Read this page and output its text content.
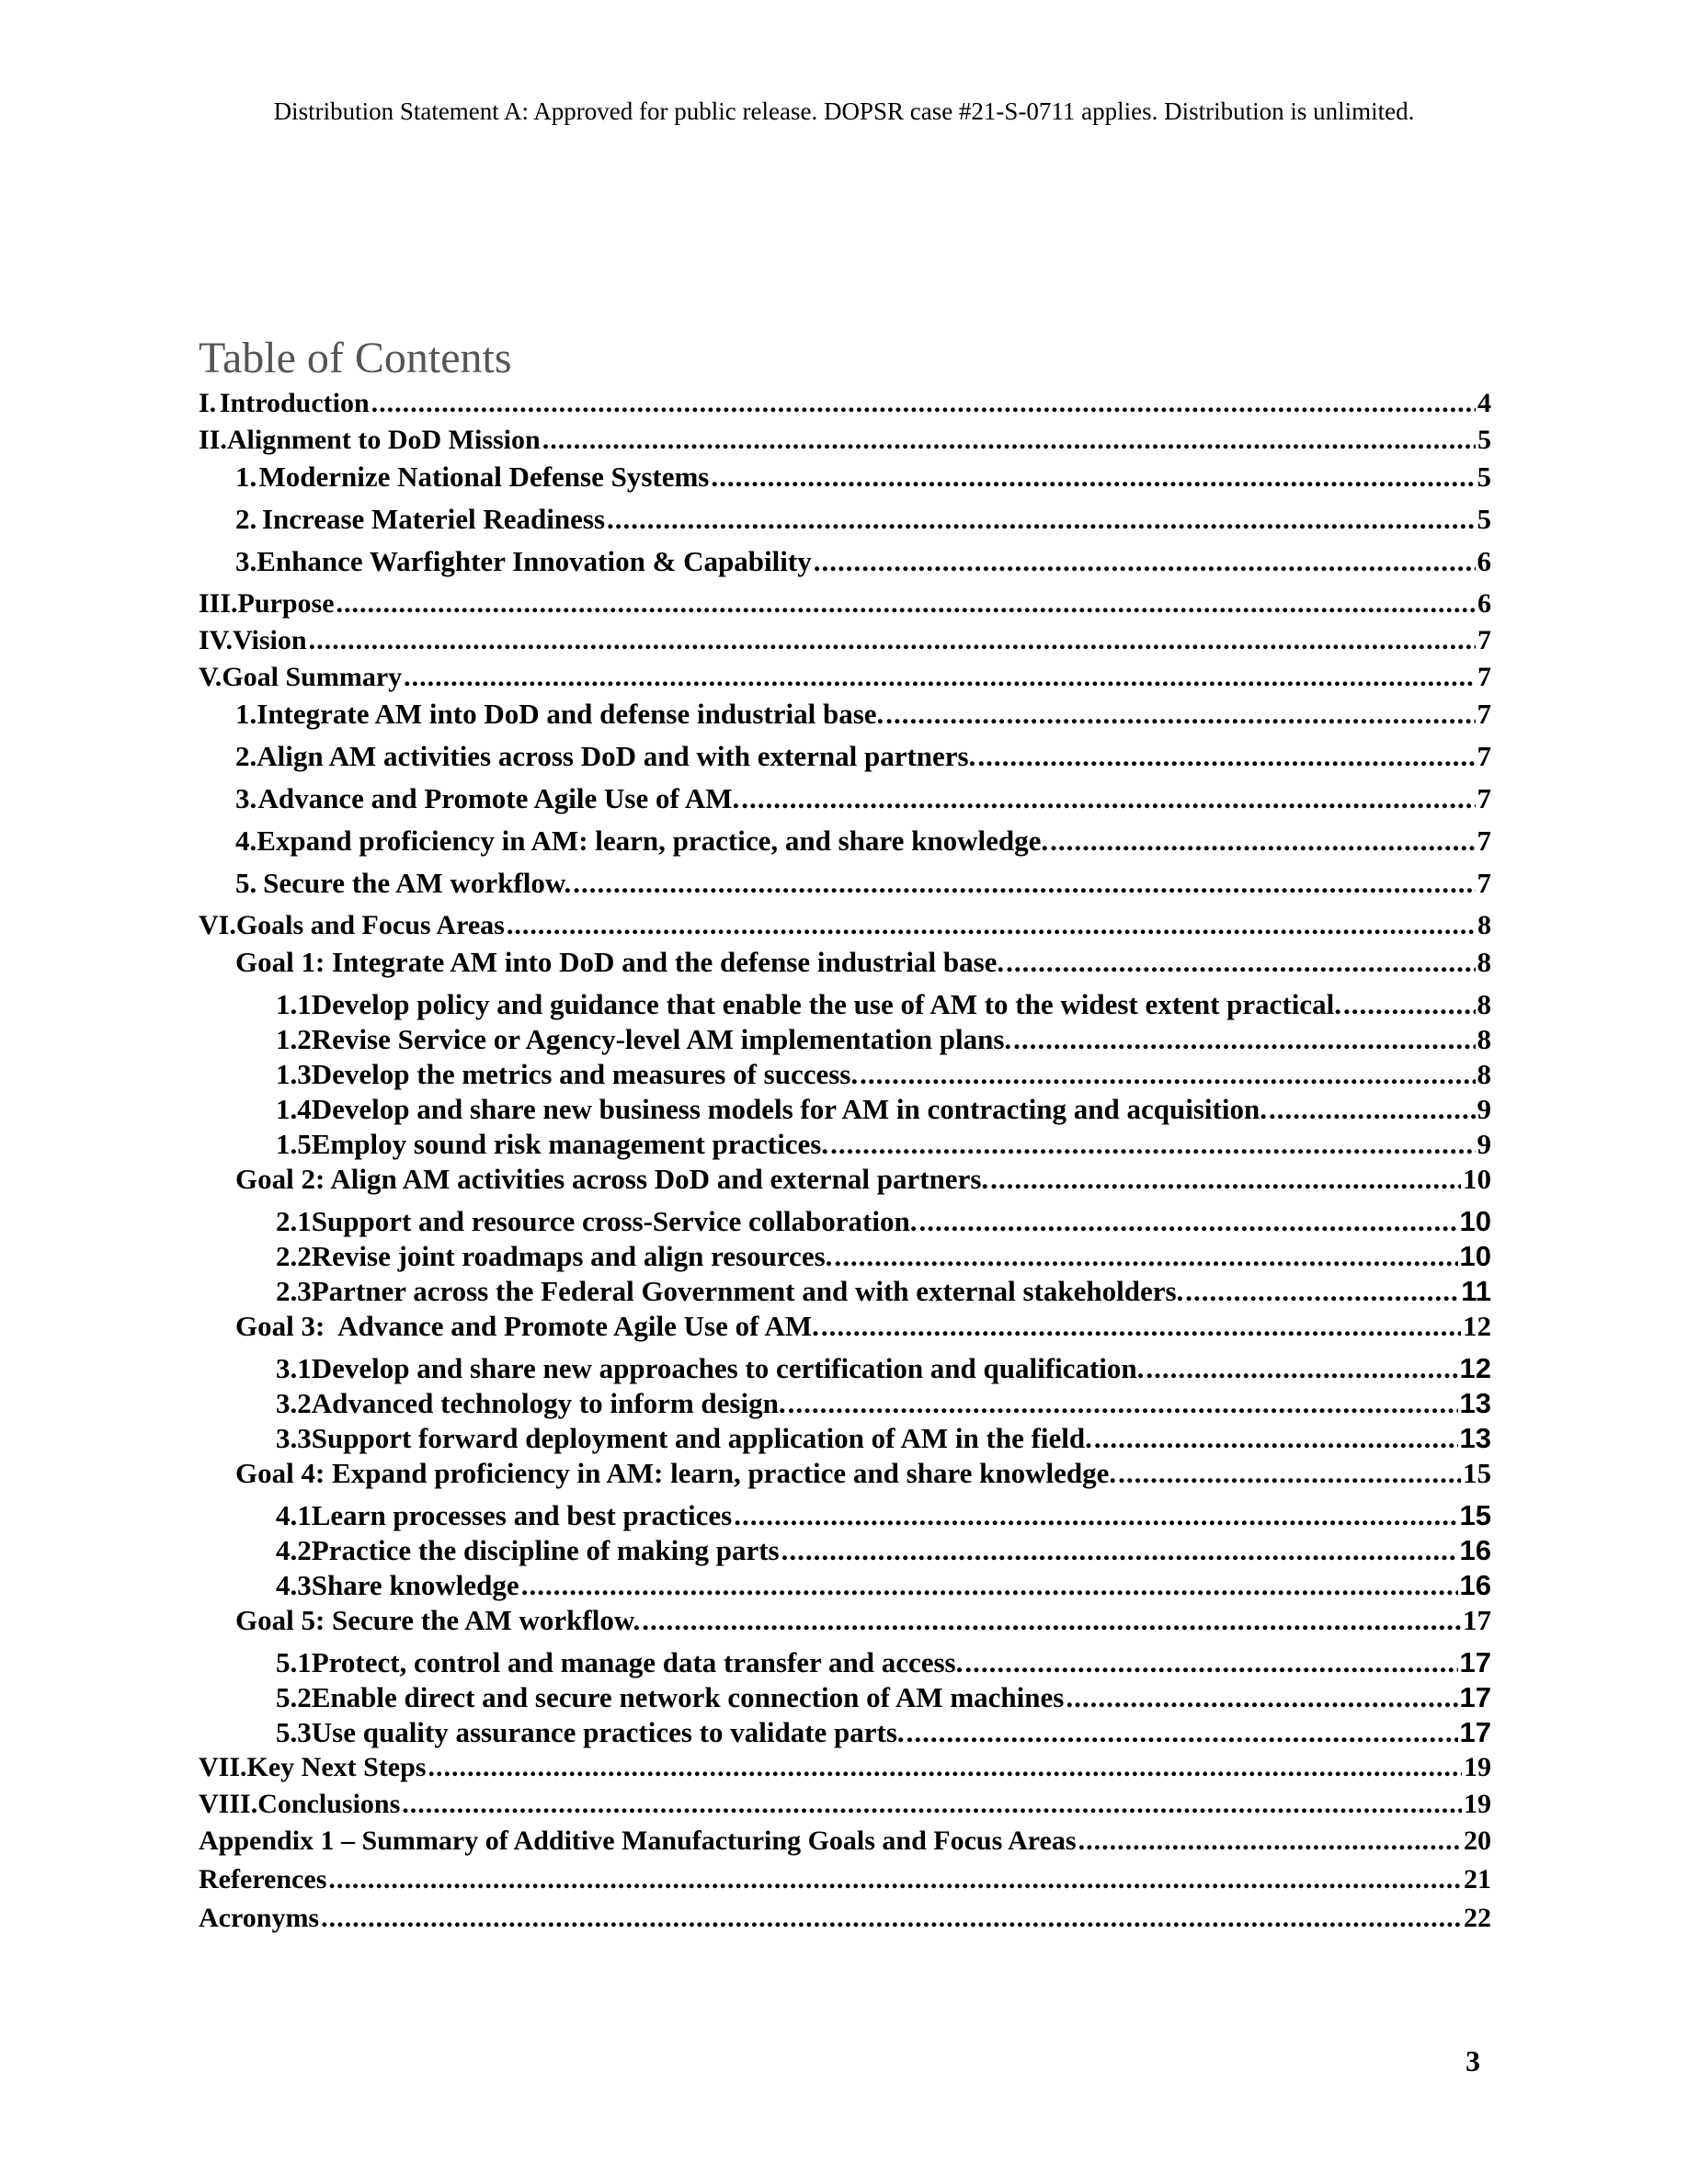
Distribution Statement A: Approved for public release. DOPSR case #21-S-0711 applies. Distribution is unlimited.
Table of Contents
I. Introduction .....	4
II. Alignment to DoD Mission .....	5
1. Modernize National Defense Systems .....	5
2. Increase Materiel Readiness .....	5
3. Enhance Warfighter Innovation & Capability .....	6
III. Purpose .....	6
IV. Vision .....	7
V. Goal Summary .....	7
1. Integrate AM into DoD and defense industrial base. .....	7
2. Align AM activities across DoD and with external partners. .....	7
3. Advance and Promote Agile Use of AM. .....	7
4. Expand proficiency in AM: learn, practice, and share knowledge. .....	7
5. Secure the AM workflow. .....	7
VI. Goals and Focus Areas .....	8
Goal 1: Integrate AM into DoD and the defense industrial base. .....	8
1.1 Develop policy and guidance that enable the use of AM to the widest extent practical. .....	8
1.2 Revise Service or Agency-level AM implementation plans. .....	8
1.3 Develop the metrics and measures of success. .....	8
1.4 Develop and share new business models for AM in contracting and acquisition. .....	9
1.5 Employ sound risk management practices. .....	9
Goal 2: Align AM activities across DoD and external partners. .....	10
2.1 Support and resource cross-Service collaboration. .....	10
2.2 Revise joint roadmaps and align resources. .....	10
2.3 Partner across the Federal Government and with external stakeholders. .....	11
Goal 3:  Advance and Promote Agile Use of AM. .....	12
3.1 Develop and share new approaches to certification and qualification. .....	12
3.2 Advanced technology to inform design. .....	13
3.3 Support forward deployment and application of AM in the field. .....	13
Goal 4: Expand proficiency in AM: learn, practice and share knowledge. .....	15
4.1 Learn processes and best practices .....	15
4.2 Practice the discipline of making parts .....	16
4.3 Share knowledge .....	16
Goal 5: Secure the AM workflow. .....	17
5.1 Protect, control and manage data transfer and access. .....	17
5.2 Enable direct and secure network connection of AM machines .....	17
5.3 Use quality assurance practices to validate parts. .....	17
VII. Key Next Steps .....	19
VIII. Conclusions .....	19
Appendix 1 – Summary of Additive Manufacturing Goals and Focus Areas .....	20
References .....	21
Acronyms .....	22
3
